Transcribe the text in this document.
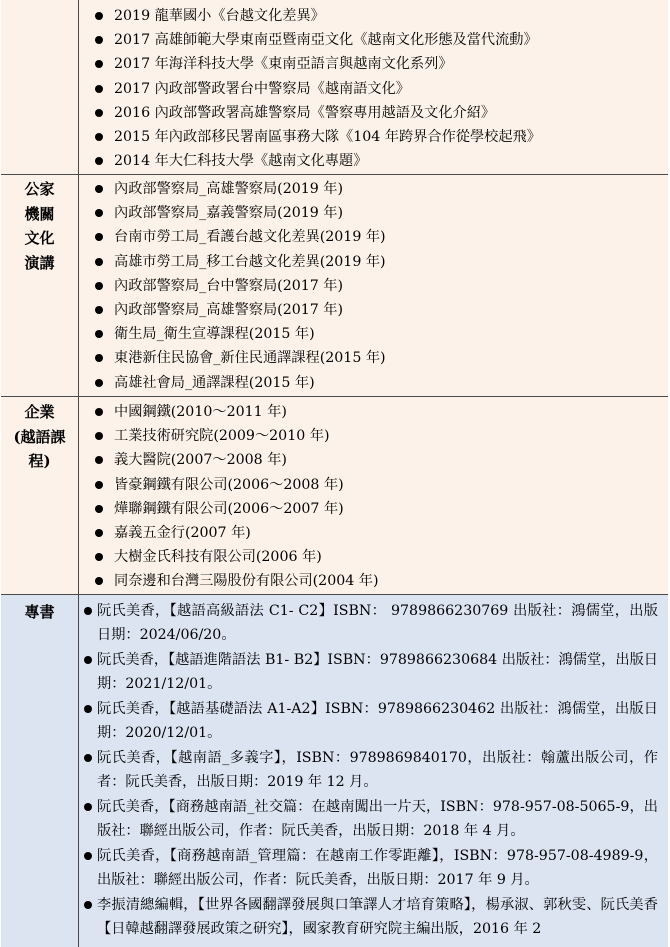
2019 龍華國小《台越文化差異》
2017 高雄師範大學東南亞暨南亞文化《越南文化形態及當代流動》
2017 年海洋科技大學《東南亞語言與越南文化系列》
2017 內政部警政署台中警察局《越南語文化》
2016 內政部警政署高雄警察局《警察專用越語及文化介紹》
2015 年內政部移民署南區事務大隊《104 年跨界合作從學校起飛》
2014 年大仁科技大學《越南文化專題》
公家
機關
文化
演講
內政部警察局_高雄警察局(2019 年)
內政部警察局_嘉義警察局(2019 年)
台南市勞工局_看護台越文化差異(2019 年)
高雄市勞工局_移工台越文化差異(2019 年)
內政部警察局_台中警察局(2017 年)
內政部警察局_高雄警察局(2017 年)
衛生局_衛生宣導課程(2015 年)
東港新住民協會_新住民通譯課程(2015 年)
高雄社會局_通譯課程(2015 年)
企業
(越語課
程)
中國鋼鐵(2010～2011 年)
工業技術研究院(2009～2010 年)
義大醫院(2007～2008 年)
皆豪鋼鐵有限公司(2006～2008 年)
燁聯鋼鐵有限公司(2006～2007 年)
嘉義五金行(2007 年)
大樹金氏科技有限公司(2006 年)
同奈邊和台灣三陽股份有限公司(2004 年)
專書	阮氏美香，【越語高級語法 C1- C2】ISBN： 9789866230769 出版社：鴻儒堂，出版日期：2024/06/20。
阮氏美香，【越語進階語法 B1- B2】ISBN：9789866230684 出版社：鴻儒堂，出版日期：2021/12/01。
阮氏美香，【越語基礎語法 A1-A2】ISBN：9789866230462 出版社：鴻儒堂，出版日期：2020/12/01。
阮氏美香，【越南語_多義字】，ISBN：9789869840170，出版社：翰蘆出版公司，作者：阮氏美香，出版日期：2019 年 12 月。
阮氏美香，【商務越南語_社交篇：在越南闖出一片天，ISBN：978-957-08-5065-9，出版社：聯經出版公司，作者：阮氏美香，出版日期：2018 年 4 月。
阮氏美香，【商務越南語_管理篇：在越南工作零距離】，ISBN：978-957-08-4989-9，出版社：聯經出版公司，作者：阮氏美香，出版日期：2017 年 9 月。
李振清總編輯，【世界各國翻譯發展與口筆譯人才培育策略】，楊承淑、郭秋雯、阮氏美香【日韓越翻譯發展政策之研究】，國家教育研究院主編出版，2016 年 2
